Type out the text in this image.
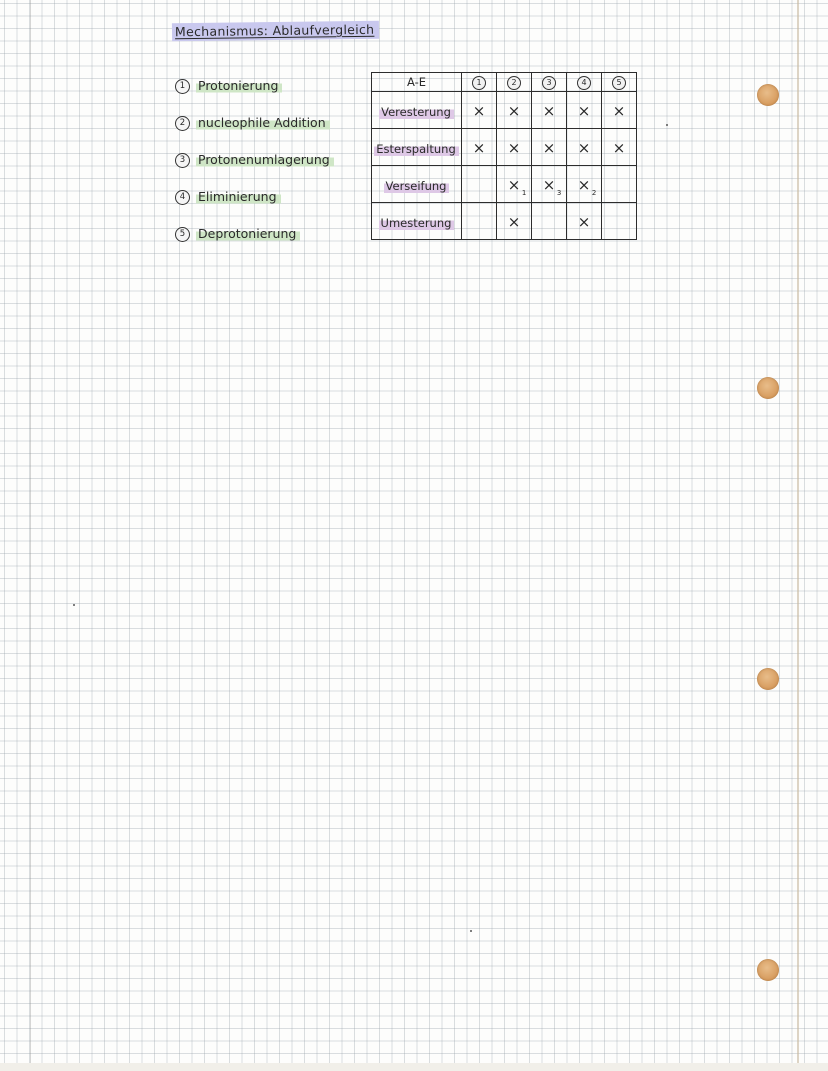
Mechanismus: Ablaufvergleich
1	Protonierung
2	nucleophile Addition
3	Protonenumlagerung
4	Eliminierung
5	Deprotonierung
A-E	1	2	3	4	5
Veresterung	×	×	×	×	×
Esterspaltung	×	×	×	×	×
Verseifung		× 1	× 3	× 2	

Umesterung		×		×	
